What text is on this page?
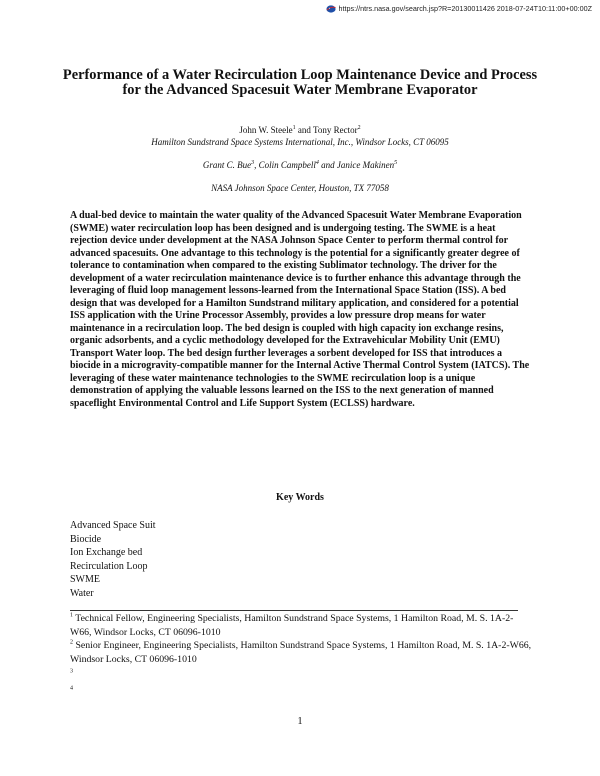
https://ntrs.nasa.gov/search.jsp?R=20130011426 2018-07-24T10:11:00+00:00Z
Performance of a Water Recirculation Loop Maintenance Device and Process for the Advanced Spacesuit Water Membrane Evaporator
John W. Steele$^1$ and Tony Rector$^2$
Hamilton Sundstrand Space Systems International, Inc., Windsor Locks, CT 06095
Grant C. Bue$^3$, Colin Campbell$^4$ and Janice Makinen$^5$
NASA Johnson Space Center, Houston, TX 77058

A dual-bed device to maintain the water quality of the Advanced Spacesuit Water Membrane Evaporation (SWME) water recirculation loop has been designed and is undergoing testing. The SWME is a heat rejection device under development at the NASA Johnson Space Center to perform thermal control for advanced spacesuits. One advantage to this technology is the potential for a significantly greater degree of tolerance to contamination when compared to the existing Sublimator technology. The driver for the development of a water recirculation maintenance device is to further enhance this advantage through the leveraging of fluid loop management lessons-learned from the International Space Station (ISS). A bed design that was developed for a Hamilton Sundstrand military application, and considered for a potential ISS application with the Urine Processor Assembly, provides a low pressure drop means for water maintenance in a recirculation loop. The bed design is coupled with high capacity ion exchange resins, organic adsorbents, and a cyclic methodology developed for the Extravehicular Mobility Unit (EMU) Transport Water loop. The bed design further leverages a sorbent developed for ISS that introduces a biocide in a microgravity-compatible manner for the Internal Active Thermal Control System (IATCS). The leveraging of these water maintenance technologies to the SWME recirculation loop is a unique demonstration of applying the valuable lessons learned on the ISS to the next generation of manned spaceflight Environmental Control and Life Support System (ECLSS) hardware.

Key Words
Advanced Space Suit
Biocide
Ion Exchange bed
Recirculation Loop
SWME
Water

$^1$ Technical Fellow, Engineering Specialists, Hamilton Sundstrand Space Systems, 1 Hamilton Road, M. S. 1A-2-W66, Windsor Locks, CT 06096-1010

$^2$ Senior Engineer, Engineering Specialists, Hamilton Sundstrand Space Systems, 1 Hamilton Road, M. S. 1A-2-W66, Windsor Locks, CT 06096-1010

$^3$

$^4$

1
